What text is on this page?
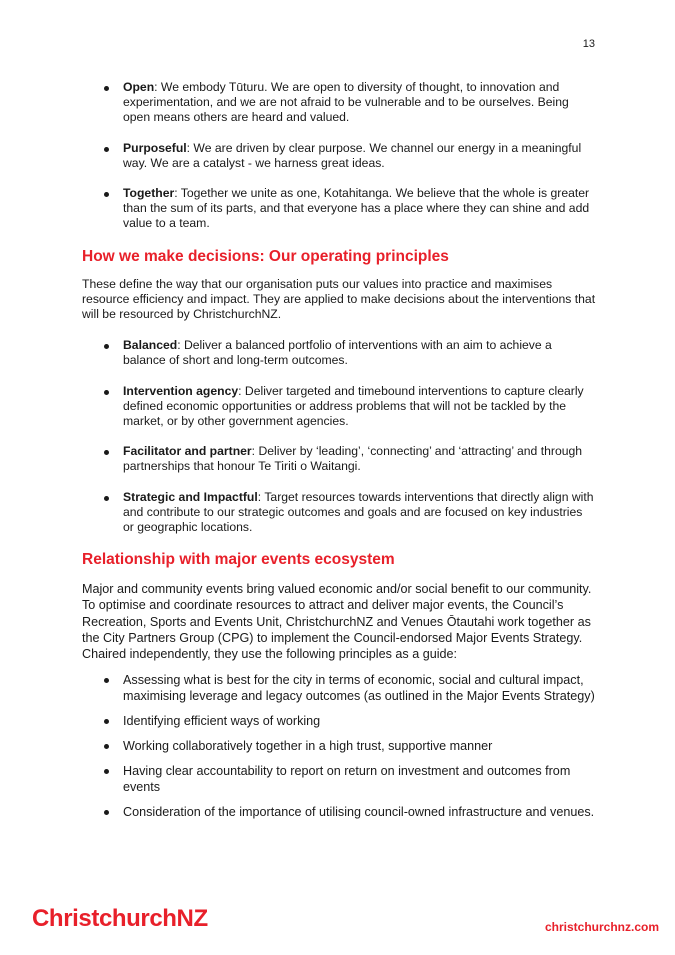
13
Open: We embody Tūturu. We are open to diversity of thought, to innovation and experimentation, and we are not afraid to be vulnerable and to be ourselves. Being open means others are heard and valued.
Purposeful: We are driven by clear purpose. We channel our energy in a meaningful way. We are a catalyst - we harness great ideas.
Together: Together we unite as one, Kotahitanga. We believe that the whole is greater than the sum of its parts, and that everyone has a place where they can shine and add value to a team.
How we make decisions: Our operating principles

These define the way that our organisation puts our values into practice and maximises resource efficiency and impact. They are applied to make decisions about the interventions that will be resourced by ChristchurchNZ.

Balanced: Deliver a balanced portfolio of interventions with an aim to achieve a balance of short and long-term outcomes.
Intervention agency: Deliver targeted and timebound interventions to capture clearly defined economic opportunities or address problems that will not be tackled by the market, or by other government agencies.
Facilitator and partner: Deliver by ‘leading’, ‘connecting’ and ‘attracting’ and through partnerships that honour Te Tiriti o Waitangi.
Strategic and Impactful: Target resources towards interventions that directly align with and contribute to our strategic outcomes and goals and are focused on key industries or geographic locations.
Relationship with major events ecosystem

Major and community events bring valued economic and/or social benefit to our community. To optimise and coordinate resources to attract and deliver major events, the Council’s Recreation, Sports and Events Unit, ChristchurchNZ and Venues Ōtautahi work together as the City Partners Group (CPG) to implement the Council-endorsed Major Events Strategy. Chaired independently, they use the following principles as a guide:

Assessing what is best for the city in terms of economic, social and cultural impact, maximising leverage and legacy outcomes (as outlined in the Major Events Strategy)
Identifying efficient ways of working
Working collaboratively together in a high trust, supportive manner
Having clear accountability to report on return on investment and outcomes from events
Consideration of the importance of utilising council-owned infrastructure and venues.
ChristchurchNZ	christchurchnz.com
